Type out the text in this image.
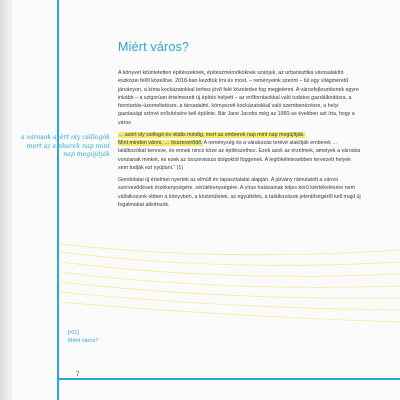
Miért város?
a városok azért oly csillogók mert az emberek nap mint nap megújítják

A könyvet kitüntetetten építészeknek, építészmérnököknek szánjuk, az urbanisztika városalakító eszközei felől közelítve. 2018-ban kezdtük írni és most, – reményeink szerint – túl egy világméretű járványon, a kíma kockázatokkal terhes jövő felé közeledve fog megjelenni. A városfejlesztésnek egyre inkább – a szigorúan értelmezett új építés helyett – az erőforrásokkal való tudatos gazdálkodásra, a fenntartás-üzemeltetésre, a társadalmi, környezeti kockázatokkal való szembenézésre, a helyi gazdasági színvé erősítésére kell épülnie. Bár Jane Jacobs még az 1960-as években azt írta, hogy a város

… azért oly csillogó és vitális mindig, mert az emberek nap mint nap megújítják.
Mint minden város, … összeverődő. A reménység és a várakozás terévé alakítják emberek … találkozókat keresve, és ennek nincs köze az építészethez. Ezek azok az érzelmek, amelyek a városba vonzanak minket, és ezek az összevissza dolgoktól függenek. A legtökéletesebben tervezett helyek sem tudják ezt nyújtani.” (1)

Gondolatai új értelmet nyertek az elmúlt év tapasztalatai alapján. A járvány rámutatott a városi szerveződések érzékenységére, sérülékenységére. A vírus hatásainak teljes körű kiértékelésére nem vállalkozunk ebben a könyvben, a közterületek, az együttélés, a találkozások jelentőségéről kell majd új fogalmakat alkotnunk.

[r01]
Miért város?
7
